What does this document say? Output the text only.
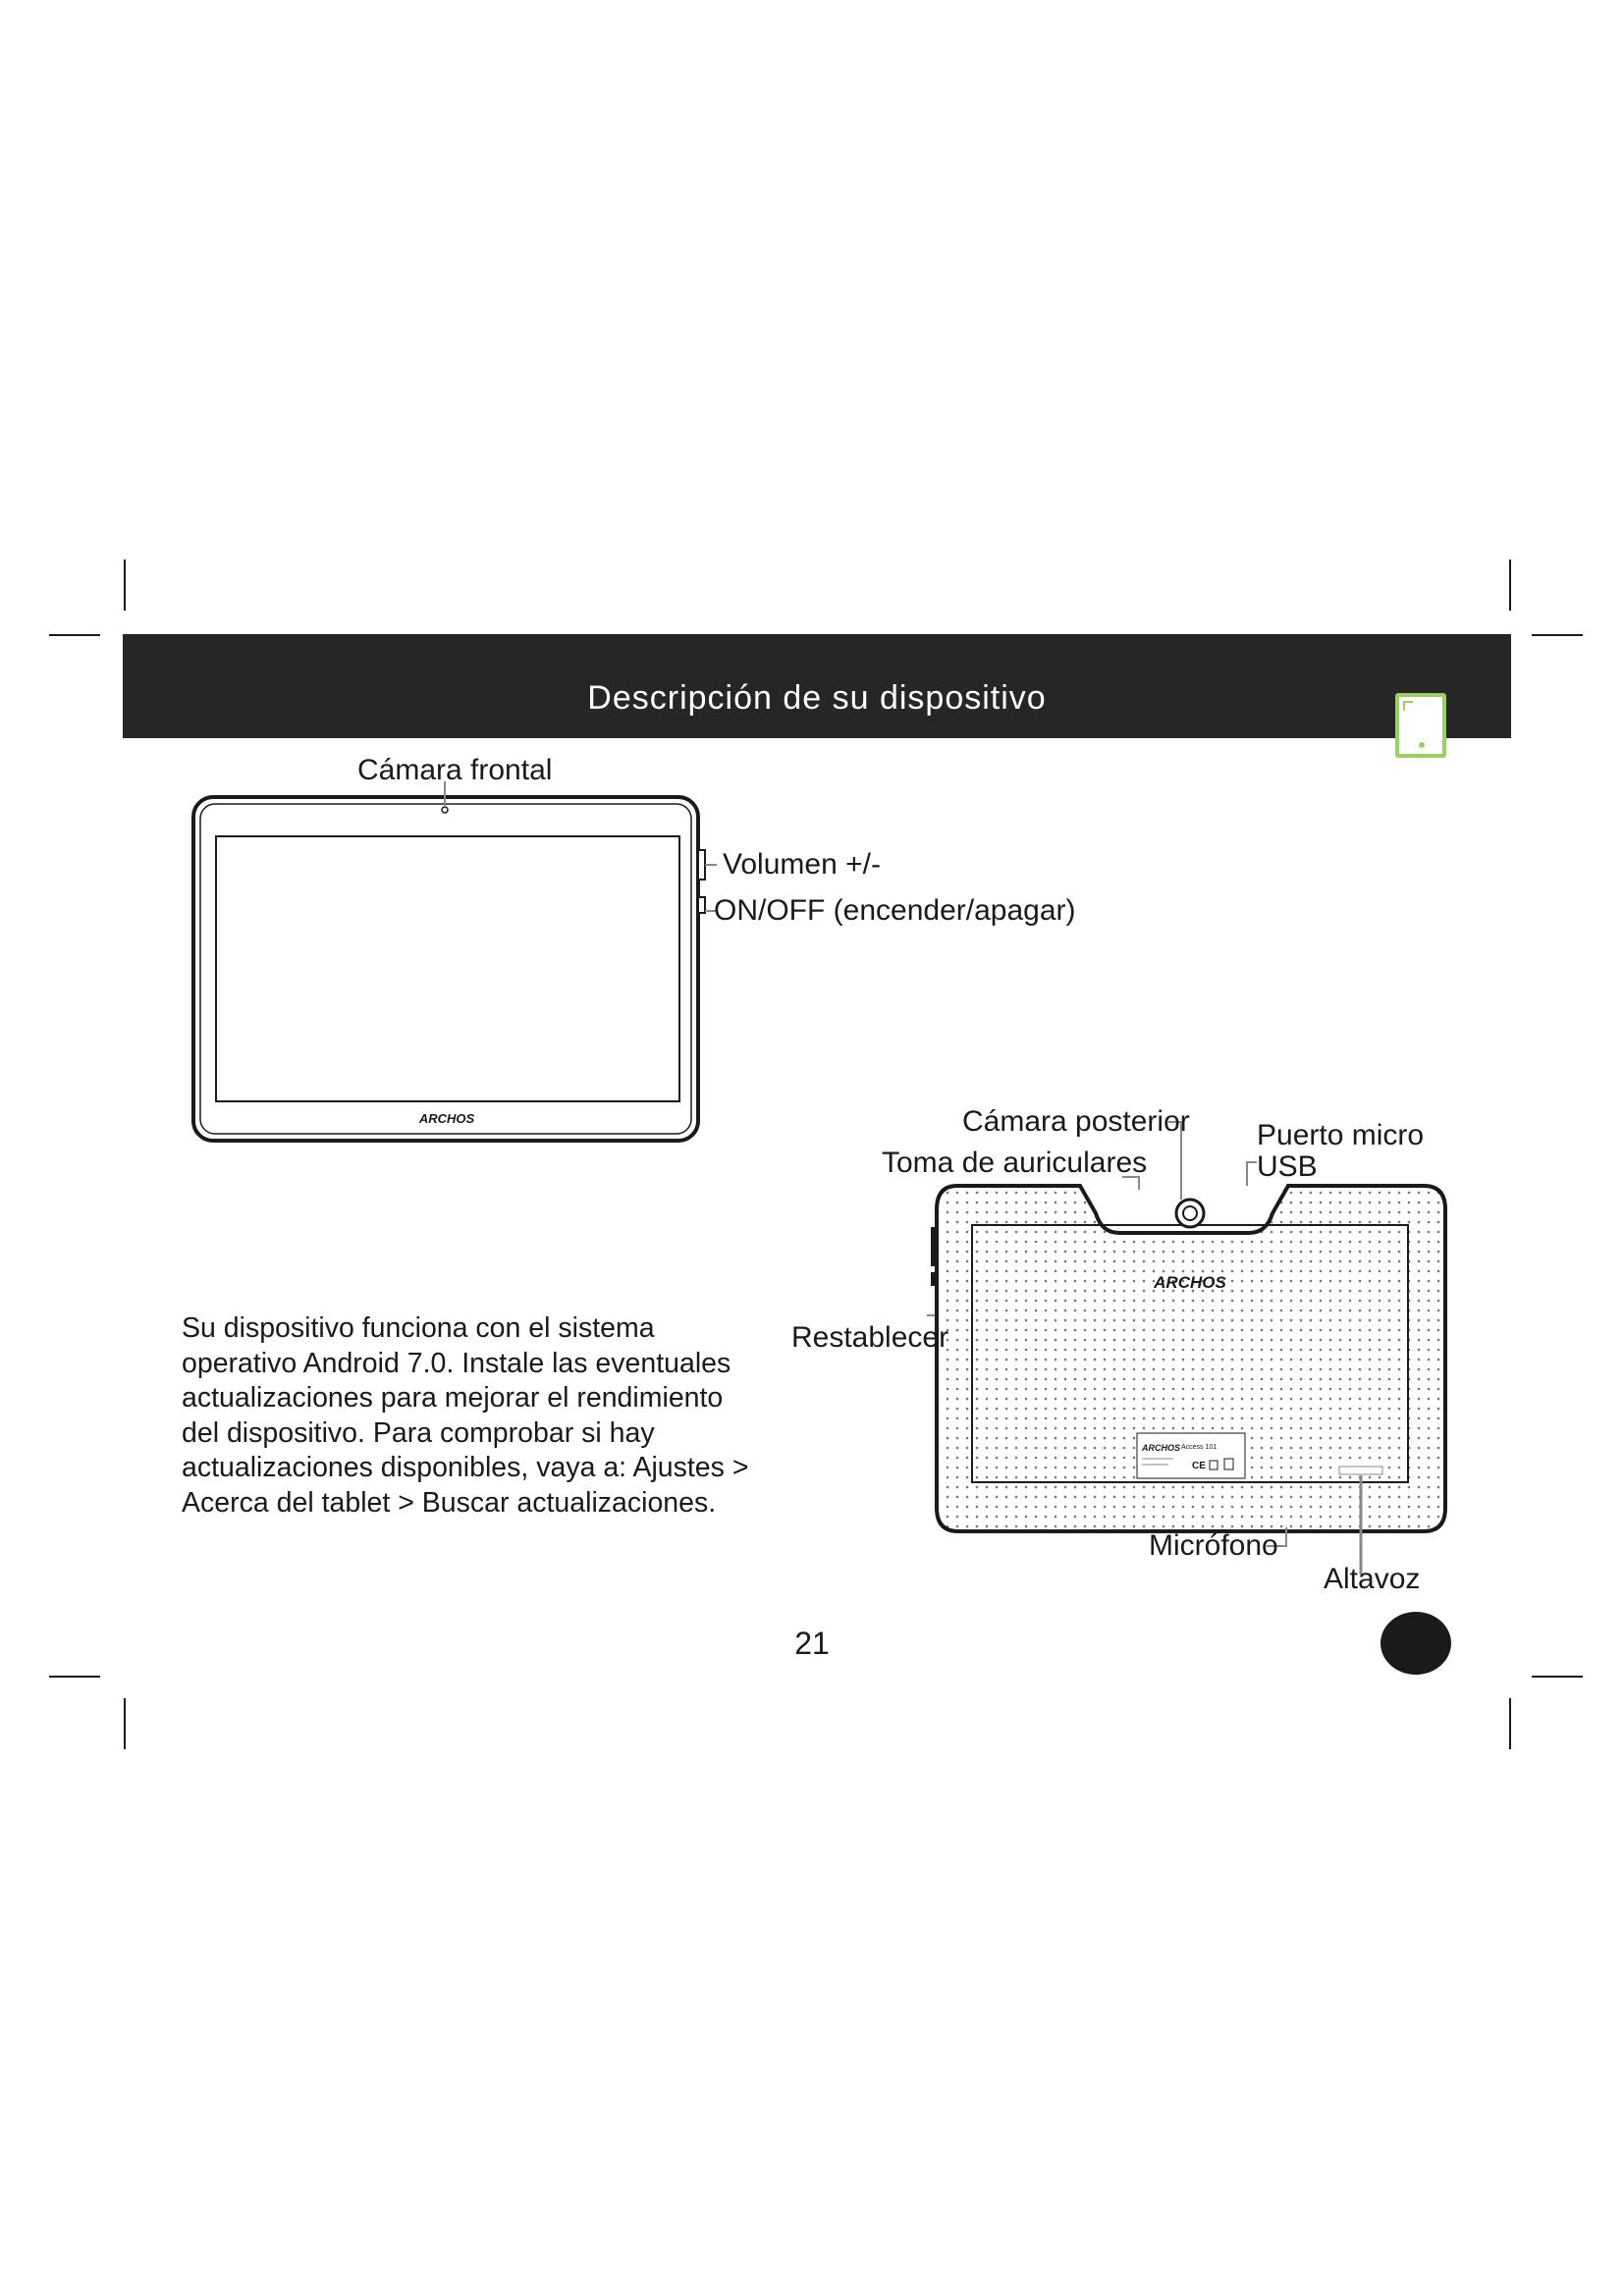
Descripción de su dispositivo
ARCHOS
ARCHOS Access 101
CE
ARCHOS
Cámara frontal
Volumen +/-
ON/OFF (encender/apagar)
Cámara posterior
Toma de auriculares
Puerto micro
USB
Restablecer
Micrófono
Altavoz
Su dispositivo funciona con el sistema
operativo Android 7.0. Instale las eventuales
actualizaciones para mejorar el rendimiento
del dispositivo. Para comprobar si hay
actualizaciones disponibles, vaya a: Ajustes >
Acerca del tablet > Buscar actualizaciones.
21
